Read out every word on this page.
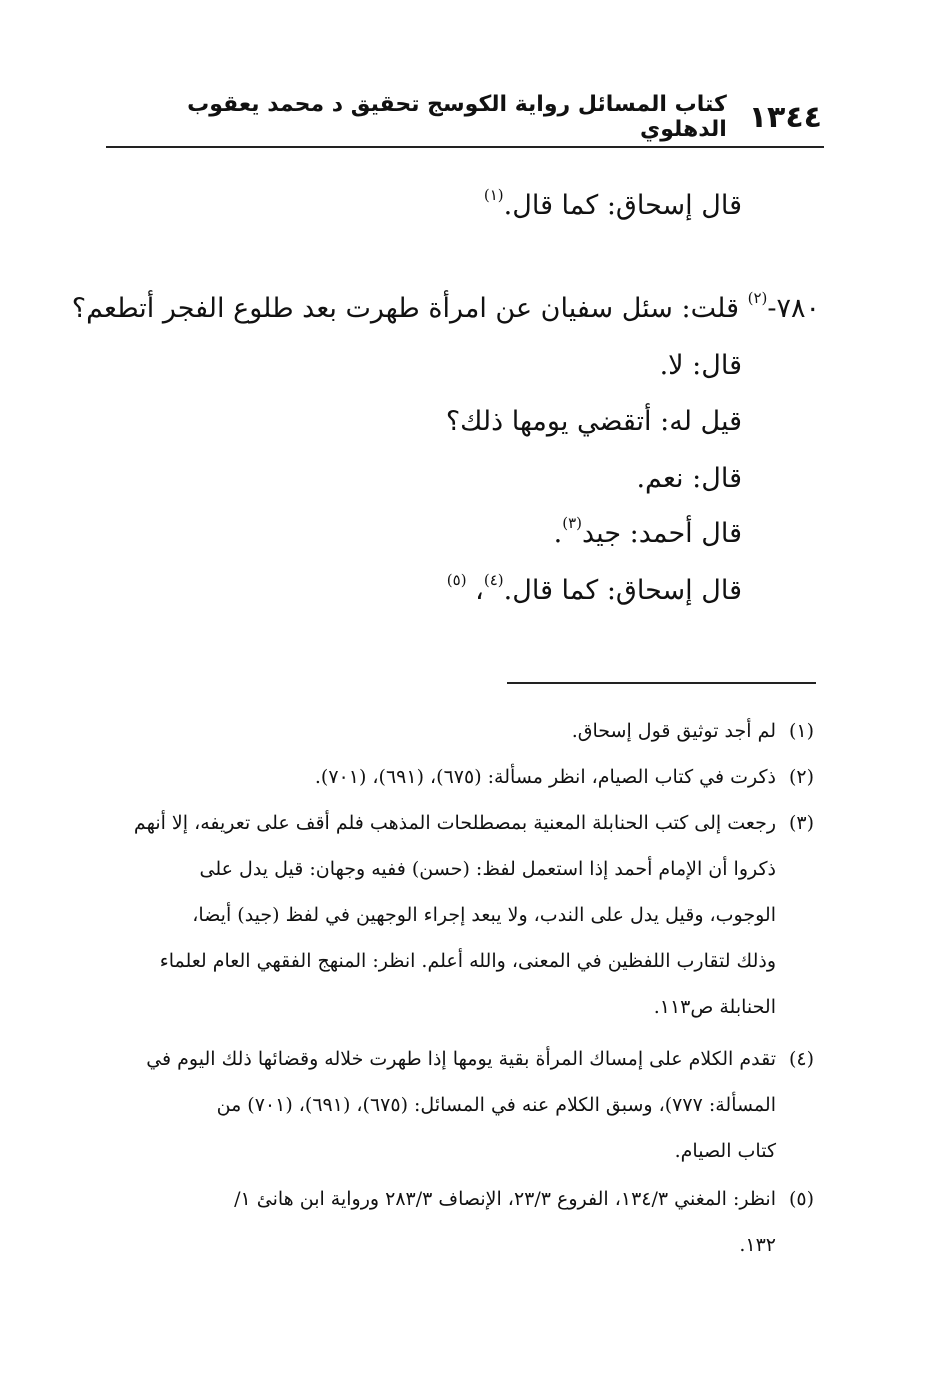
١٣٤٤
كتاب المسائل رواية الكوسج تحقيق د محمد يعقوب الدهلوي
قال إسحاق: كما قال.$^{(١)}$
٧٨٠-$^{(٢)}$ قلت: سئل سفيان عن امرأة طهرت بعد طلوع الفجر أتطعم؟
قال: لا.
قيل له: أتقضي يومها ذلك؟
قال: نعم.
قال أحمد: جيد$^{(٣)}$.
قال إسحاق: كما قال.$^{(٤)}$، $^{(٥)}$
(١)لم أجد توثيق قول إسحاق.
(٢)ذكرت في كتاب الصيام، انظر مسألة: (٦٧٥)، (٦٩١)، (٧٠١).
(٣)رجعت إلى كتب الحنابلة المعنية بمصطلحات المذهب فلم أقف على تعريفه، إلا أنهم
ذكروا أن الإمام أحمد إذا استعمل لفظ: (حسن) ففيه وجهان: قيل يدل على
الوجوب، وقيل يدل على الندب، ولا يبعد إجراء الوجهين في لفظ (جيد) أيضا،
وذلك لتقارب اللفظين في المعنى، والله أعلم. انظر: المنهج الفقهي العام لعلماء
الحنابلة ص١١٣.
(٤)تقدم الكلام على إمساك المرأة بقية يومها إذا طهرت خلاله وقضائها ذلك اليوم في
المسألة: ٧٧٧)، وسبق الكلام عنه في المسائل: (٦٧٥)، (٦٩١)، (٧٠١) من
كتاب الصيام.
(٥)انظر: المغني ١٣٤/٣، الفروع ٢٣/٣، الإنصاف ٢٨٣/٣ ورواية ابن هانئ ١/
١٣٢.
